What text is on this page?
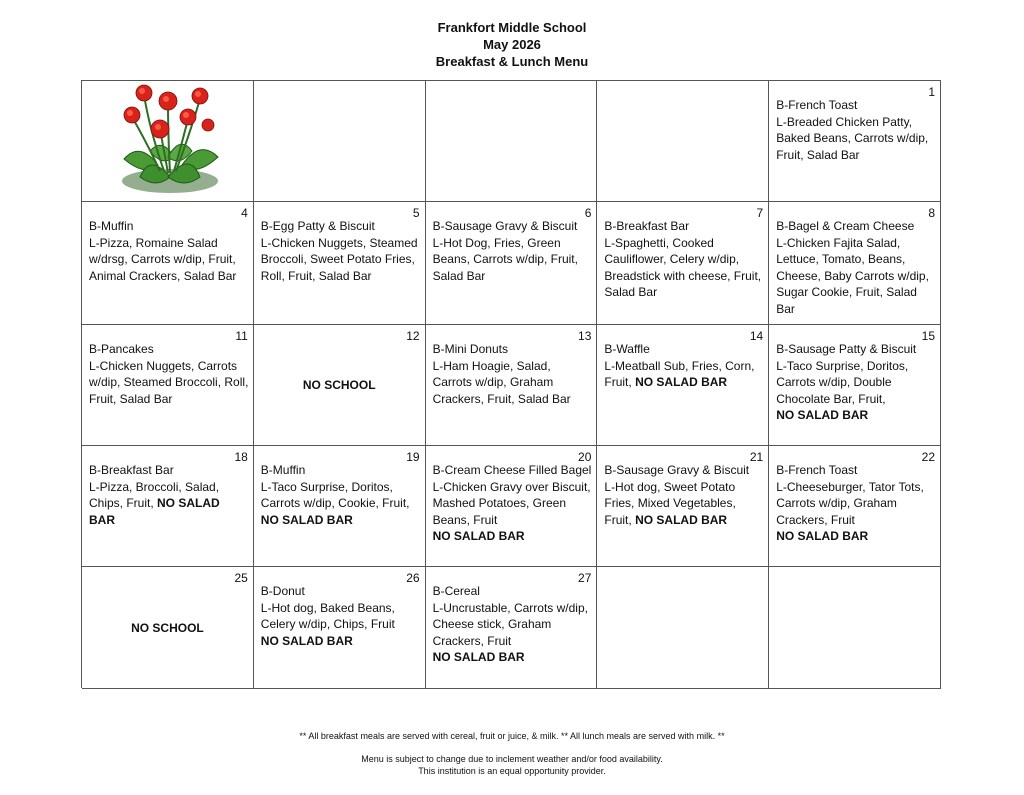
Frankfort Middle School
May 2026
Breakfast & Lunch Menu
1
B-French Toast
L-Breaded Chicken Patty,
Baked Beans, Carrots w/dip,
Fruit, Salad Bar
4
B-Muffin
L-Pizza, Romaine Salad
w/drsg, Carrots w/dip, Fruit,
Animal Crackers, Salad Bar
5
B-Egg Patty & Biscuit
L-Chicken Nuggets, Steamed
Broccoli, Sweet Potato Fries,
Roll, Fruit, Salad Bar
6
B-Sausage Gravy & Biscuit
L-Hot Dog, Fries, Green
Beans, Carrots w/dip, Fruit,
Salad Bar
7
B-Breakfast Bar
L-Spaghetti, Cooked
Cauliflower, Celery w/dip,
Breadstick with cheese, Fruit,
Salad Bar
8
B-Bagel & Cream Cheese
L-Chicken Fajita Salad,
Lettuce, Tomato, Beans,
Cheese, Baby Carrots w/dip,
Sugar Cookie, Fruit, Salad
Bar
11
B-Pancakes
L-Chicken Nuggets, Carrots
w/dip, Steamed Broccoli, Roll,
Fruit, Salad Bar
12
NO SCHOOL
13
B-Mini Donuts
L-Ham Hoagie, Salad,
Carrots w/dip, Graham
Crackers, Fruit, Salad Bar
14
B-Waffle
L-Meatball Sub, Fries, Corn,
Fruit, NO SALAD BAR
15
B-Sausage Patty & Biscuit
L-Taco Surprise, Doritos,
Carrots w/dip, Double
Chocolate Bar, Fruit,
NO SALAD BAR
18
B-Breakfast Bar
L-Pizza, Broccoli, Salad,
Chips, Fruit, NO SALAD BAR
19
B-Muffin
L-Taco Surprise, Doritos,
Carrots w/dip, Cookie, Fruit,
NO SALAD BAR
20
B-Cream Cheese Filled Bagel
L-Chicken Gravy over Biscuit,
Mashed Potatoes, Green
Beans, Fruit
NO SALAD BAR
21
B-Sausage Gravy & Biscuit
L-Hot dog, Sweet Potato
Fries, Mixed Vegetables,
Fruit, NO SALAD BAR
22
B-French Toast
L-Cheeseburger, Tator Tots,
Carrots w/dip, Graham
Crackers, Fruit
NO SALAD BAR
25
NO SCHOOL
26
B-Donut
L-Hot dog, Baked Beans,
Celery w/dip, Chips, Fruit
NO SALAD BAR
27
B-Cereal
L-Uncrustable, Carrots w/dip,
Cheese stick, Graham
Crackers, Fruit
NO SALAD BAR
** All breakfast meals are served with cereal, fruit or juice, & milk. ** All lunch meals are served with milk. **
Menu is subject to change due to inclement weather and/or food availability.
This institution is an equal opportunity provider.
